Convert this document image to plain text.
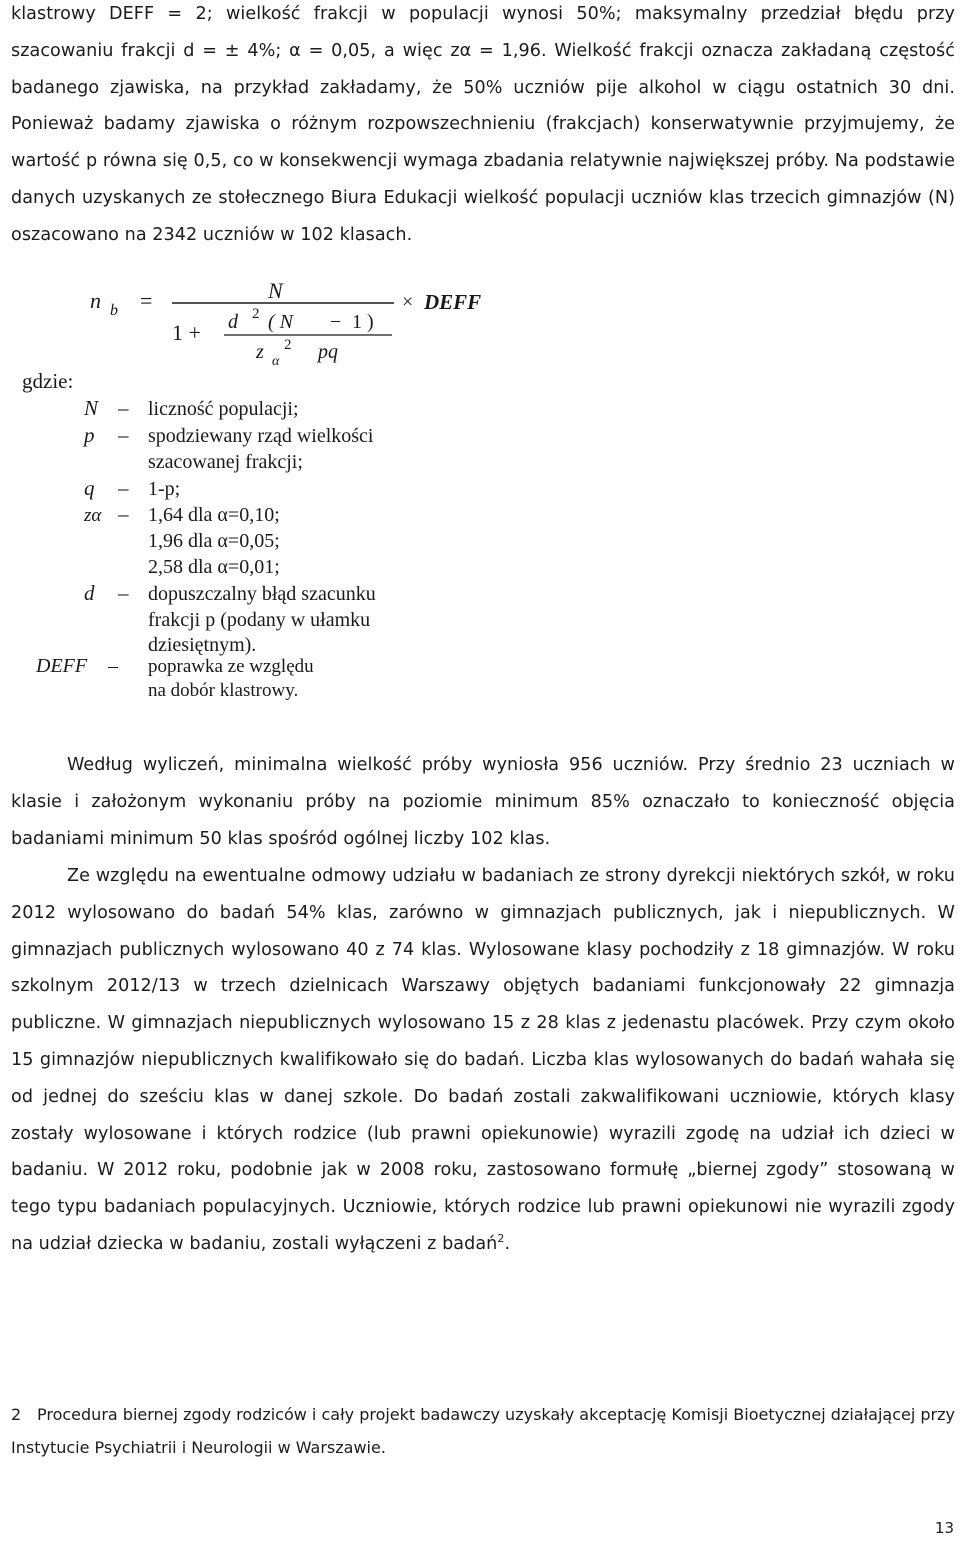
klastrowy DEFF = 2; wielkość frakcji w populacji wynosi 50%; maksymalny przedział błędu przy szacowaniu frakcji d = ± 4%; α = 0,05, a więc zα = 1,96. Wielkość frakcji oznacza zakładaną częstość badanego zjawiska, na przykład zakładamy, że 50% uczniów pije alkohol w ciągu ostatnich 30 dni. Ponieważ badamy zjawiska o różnym rozpowszechnieniu (frakcjach) konserwatywnie przyjmujemy, że wartość p równa się 0,5, co w konsekwencji wymaga zbadania relatywnie największej próby. Na podstawie danych uzyskanych ze stołecznego Biura Edukacji wielkość populacji uczniów klas trzecich gimnazjów (N) oszacowano na 2342 uczniów w 102 klasach.

n b =	N
1 + d 2 ( N − 1 )
z α
2 pq
× DEFF
gdzie:
N – liczność populacji;
p – spodziewany rząd wielkości
szacowanej frakcji;
q – 1-p;
zα – 1,64 dla α=0,10;
1,96 dla α=0,05;
2,58 dla α=0,01;
d – dopuszczalny błąd szacunku
frakcji p (podany w ułamku
dziesiętnym).
DEFF – poprawka ze względu
na dobór klastrowy.

Według wyliczeń, minimalna wielkość próby wyniosła 956 uczniów. Przy średnio 23 uczniach w klasie i założonym wykonaniu próby na poziomie minimum 85% oznaczało to konieczność objęcia badaniami minimum 50 klas spośród ogólnej liczby 102 klas.

Ze względu na ewentualne odmowy udziału w badaniach ze strony dyrekcji niektórych szkół, w roku 2012 wylosowano do badań 54% klas, zarówno w gimnazjach publicznych, jak i niepublicznych. W gimnazjach publicznych wylosowano 40 z 74 klas. Wylosowane klasy pochodziły z 18 gimnazjów. W roku szkolnym 2012/13 w trzech dzielnicach Warszawy objętych badaniami funkcjonowały 22 gimnazja publiczne. W gimnazjach niepublicznych wylosowano 15 z 28 klas z jedenastu placówek. Przy czym około 15 gimnazjów niepublicznych kwalifikowało się do badań. Liczba klas wylosowanych do badań wahała się od jednej do sześciu klas w danej szkole. Do badań zostali zakwalifikowani uczniowie, których klasy zostały wylosowane i których rodzice (lub prawni opiekunowie) wyrazili zgodę na udział ich dzieci w badaniu. W 2012 roku, podobnie jak w 2008 roku, zastosowano formułę „biernej zgody” stosowaną w tego typu badaniach populacyjnych. Uczniowie, których rodzice lub prawni opiekunowi nie wyrazili zgody na udział dziecka w badaniu, zostali wyłączeni z badań$^2$.

2 Procedura biernej zgody rodziców i cały projekt badawczy uzyskały akceptację Komisji Bioetycznej działającej przy Instytucie Psychiatrii i Neurologii w Warszawie.

13
